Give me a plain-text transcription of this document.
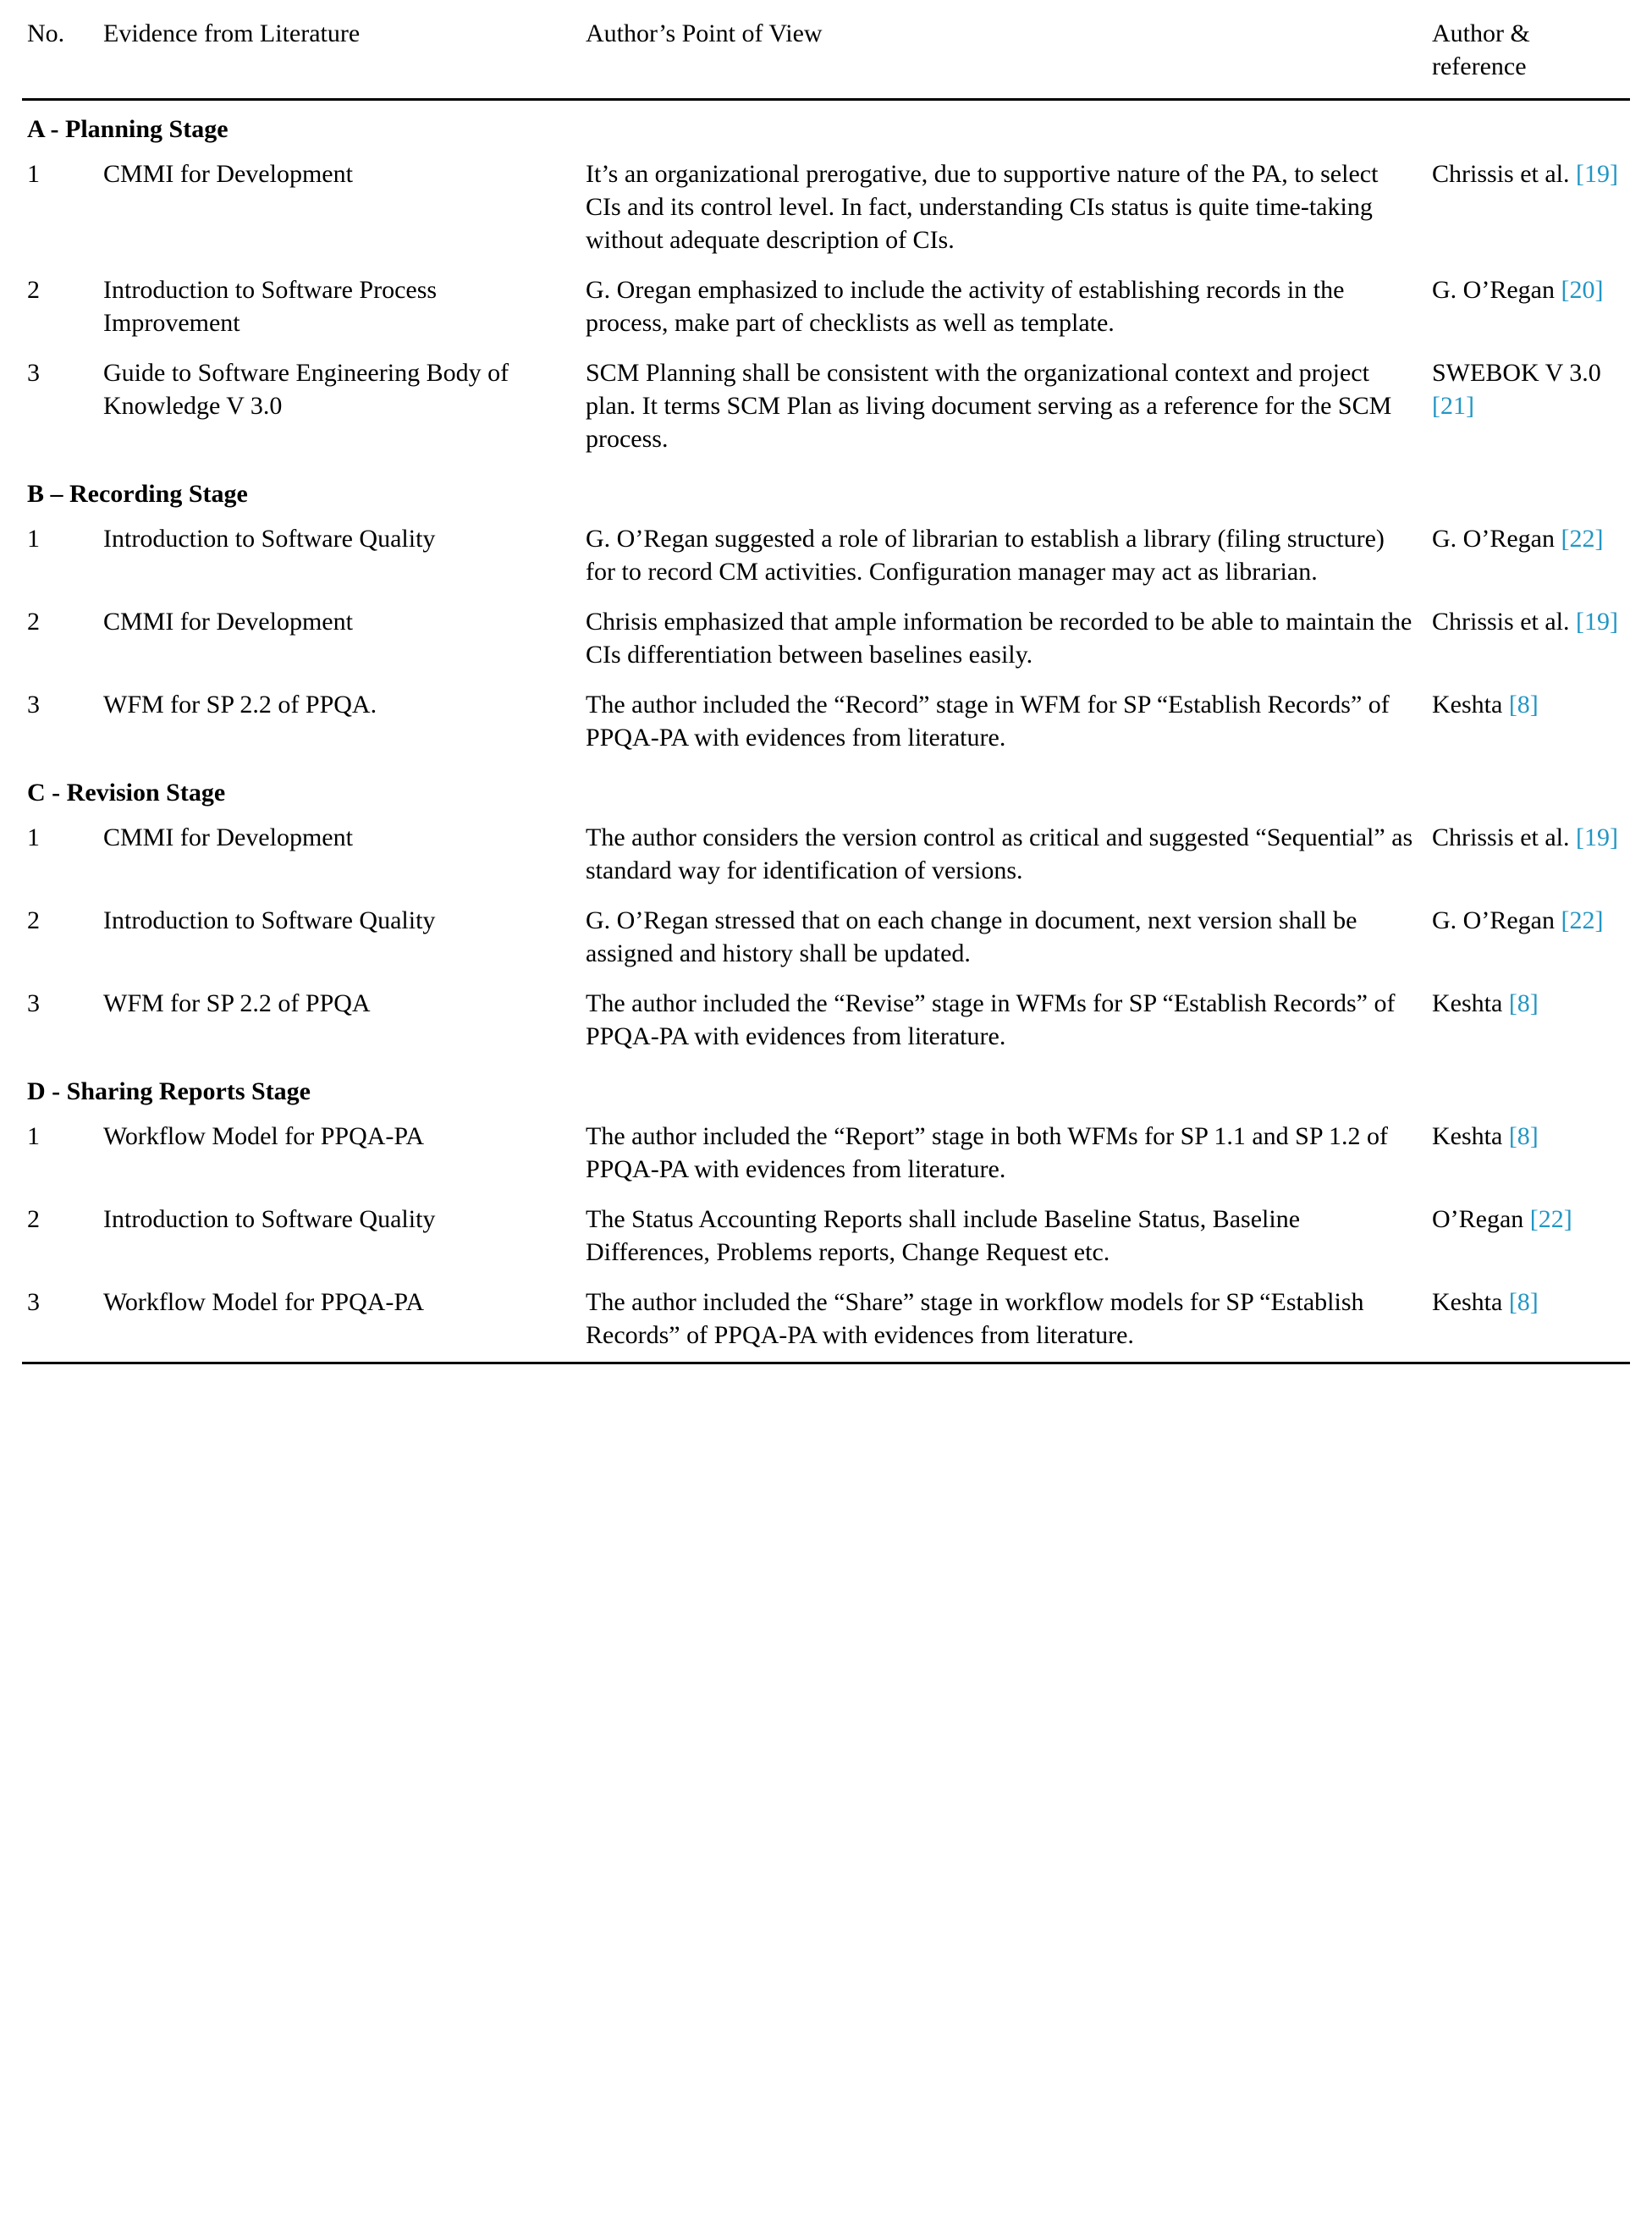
No.	Evidence from Literature	Author’s Point of View	Author & reference
A - Planning Stage			
1	CMMI for Development	It’s an organizational prerogative, due to supportive nature of the PA, to select CIs and its control level. In fact, understanding CIs status is quite time-taking without adequate description of CIs.	Chrissis et al. [19]
2	Introduction to Software Process Improvement	G. Oregan emphasized to include the activity of establishing records in the process, make part of checklists as well as template.	G. O’Regan [20]
3	Guide to Software Engineering Body of Knowledge V 3.0	SCM Planning shall be consistent with the organizational context and project plan. It terms SCM Plan as living document serving as a reference for the SCM process.	SWEBOK V 3.0 [21]
B – Recording Stage			
1	Introduction to Software Quality	G. O’Regan suggested a role of librarian to establish a library (filing structure) for to record CM activities. Configuration manager may act as librarian.	G. O’Regan [22]
2	CMMI for Development	Chrisis emphasized that ample information be recorded to be able to maintain the CIs differentiation between baselines easily.	Chrissis et al. [19]
3	WFM for SP 2.2 of PPQA.	The author included the “Record” stage in WFM for SP “Establish Records” of PPQA-PA with evidences from literature.	Keshta [8]
C - Revision Stage			
1	CMMI for Development	The author considers the version control as critical and suggested “Sequential” as standard way for identification of versions.	Chrissis et al. [19]
2	Introduction to Software Quality	G. O’Regan stressed that on each change in document, next version shall be assigned and history shall be updated.	G. O’Regan [22]
3	WFM for SP 2.2 of PPQA	The author included the “Revise” stage in WFMs for SP “Establish Records” of PPQA-PA with evidences from literature.	Keshta [8]
D - Sharing Reports Stage			
1	Workflow Model for PPQA-PA	The author included the “Report” stage in both WFMs for SP 1.1 and SP 1.2 of PPQA-PA with evidences from literature.	Keshta [8]
2	Introduction to Software Quality	The Status Accounting Reports shall include Baseline Status, Baseline Differences, Problems reports, Change Request etc.	O’Regan [22]
3	Workflow Model for PPQA-PA	The author included the “Share” stage in workflow models for SP “Establish Records” of PPQA-PA with evidences from literature.	Keshta [8]
